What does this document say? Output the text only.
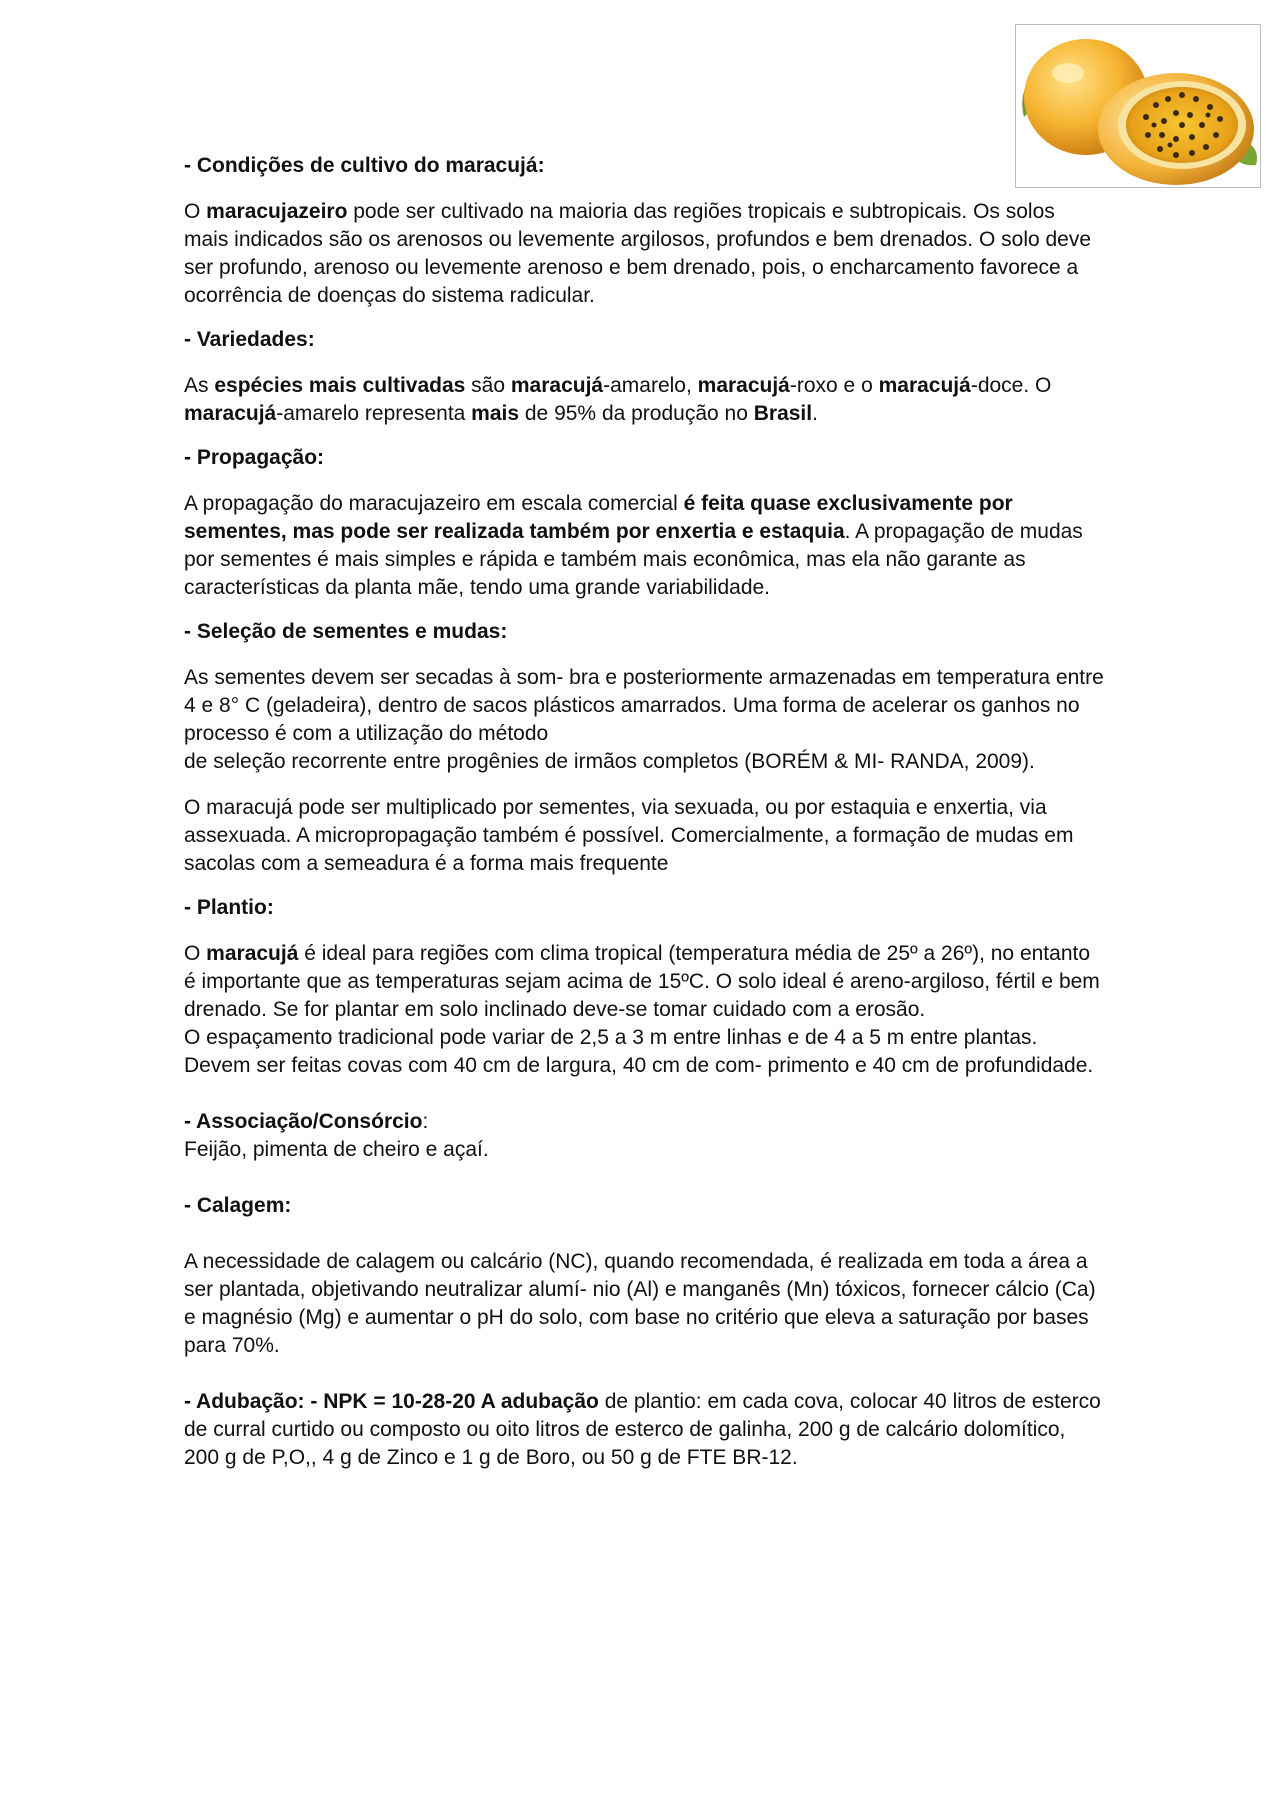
- Condições de cultivo do maracujá:

O maracujazeiro pode ser cultivado na maioria das regiões tropicais e subtropicais. Os solos mais indicados são os arenosos ou levemente argilosos, profundos e bem drenados. O solo deve ser profundo, arenoso ou levemente arenoso e bem drenado, pois, o encharcamento favorece a ocorrência de doenças do sistema radicular.

- Variedades:

As espécies mais cultivadas são maracujá-amarelo, maracujá-roxo e o maracujá-doce. O maracujá-amarelo representa mais de 95% da produção no Brasil.

- Propagação:

A propagação do maracujazeiro em escala comercial é feita quase exclusivamente por sementes, mas pode ser realizada também por enxertia e estaquia. A propagação de mudas por sementes é mais simples e rápida e também mais econômica, mas ela não garante as características da planta mãe, tendo uma grande variabilidade.

- Seleção de sementes e mudas:

As sementes devem ser secadas à som- bra e posteriormente armazenadas em temperatura entre 4 e 8° C (geladeira), dentro de sacos plásticos amarrados. Uma forma de acelerar os ganhos no processo é com a utilização do método
de seleção recorrente entre progênies de irmãos completos (BORÉM & MI- RANDA, 2009).

O maracujá pode ser multiplicado por sementes, via sexuada, ou por estaquia e enxertia, via assexuada. A micropropagação também é possível. Comercialmente, a formação de mudas em sacolas com a semeadura é a forma mais frequente

- Plantio:

O maracujá é ideal para regiões com clima tropical (temperatura média de 25º a 26º), no entanto é importante que as temperaturas sejam acima de 15ºC. O solo ideal é areno-argiloso, fértil e bem drenado. Se for plantar em solo inclinado deve-se tomar cuidado com a erosão.
O espaçamento tradicional pode variar de 2,5 a 3 m entre linhas e de 4 a 5 m entre plantas.
Devem ser feitas covas com 40 cm de largura, 40 cm de com- primento e 40 cm de profundidade.

- Associação/Consórcio:

Feijão, pimenta de cheiro e açaí.

- Calagem:

A necessidade de calagem ou calcário (NC), quando recomendada, é realizada em toda a área a ser plantada, objetivando neutralizar alumí- nio (Al) e manganês (Mn) tóxicos, fornecer cálcio (Ca) e magnésio (Mg) e aumentar o pH do solo, com base no critério que eleva a saturação por bases para 70%.

- Adubação: - NPK = 10-28-20 A adubação de plantio: em cada cova, colocar 40 litros de esterco de curral curtido ou composto ou oito litros de esterco de galinha, 200 g de calcário dolomítico, 200 g de P,O,, 4 g de Zinco e 1 g de Boro, ou 50 g de FTE BR-12.
